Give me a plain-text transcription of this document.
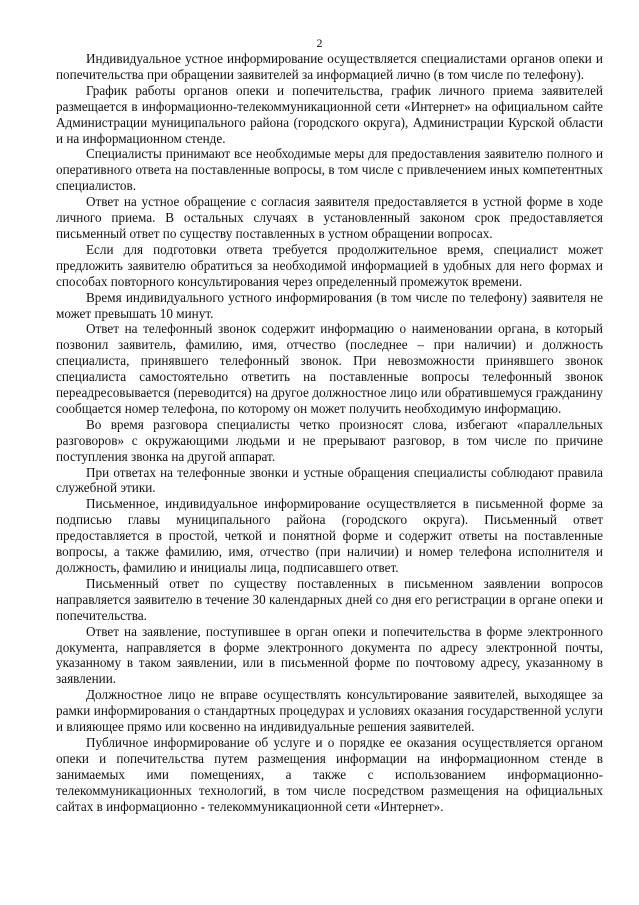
2

Индивидуальное устное информирование осуществляется специалистами органов опеки и попечительства при обращении заявителей за информацией лично (в том числе по телефону).

График работы органов опеки и попечительства, график личного приема заявителей размещается в информационно-телекоммуникационной сети «Интернет» на официальном сайте Администрации муниципального района (городского округа), Администрации Курской области и на информационном стенде.

Специалисты принимают все необходимые меры для предоставления заявителю полного и оперативного ответа на поставленные вопросы, в том числе с привлечением иных компетентных специалистов.

Ответ на устное обращение с согласия заявителя предоставляется в устной форме в ходе личного приема. В остальных случаях в установленный законом срок предоставляется письменный ответ по существу поставленных в устном обращении вопросах.

Если для подготовки ответа требуется продолжительное время, специалист может предложить заявителю обратиться за необходимой информацией в удобных для него формах и способах повторного консультирования через определенный промежуток времени.

Время индивидуального устного информирования (в том числе по телефону) заявителя не может превышать 10 минут.

Ответ на телефонный звонок содержит информацию о наименовании органа, в который позвонил заявитель, фамилию, имя, отчество (последнее – при наличии) и должность специалиста, принявшего телефонный звонок. При невозможности принявшего звонок специалиста самостоятельно ответить на поставленные вопросы телефонный звонок переадресовывается (переводится) на другое должностное лицо или обратившемуся гражданину сообщается номер телефона, по которому он может получить необходимую информацию.

Во время разговора специалисты четко произносят слова, избегают «параллельных разговоров» с окружающими людьми и не прерывают разговор, в том числе по причине поступления звонка на другой аппарат.

При ответах на телефонные звонки и устные обращения специалисты соблюдают правила служебной этики.

Письменное, индивидуальное информирование осуществляется в письменной форме за подписью главы муниципального района (городского округа). Письменный ответ предоставляется в простой, четкой и понятной форме и содержит ответы на поставленные вопросы, а также фамилию, имя, отчество (при наличии) и номер телефона исполнителя и должность, фамилию и инициалы лица, подписавшего ответ.

Письменный ответ по существу поставленных в письменном заявлении вопросов направляется заявителю в течение 30 календарных дней со дня его регистрации в органе опеки и попечительства.

Ответ на заявление, поступившее в орган опеки и попечительства в форме электронного документа, направляется в форме электронного документа по адресу электронной почты, указанному в таком заявлении, или в письменной форме по почтовому адресу, указанному в заявлении.

Должностное лицо не вправе осуществлять консультирование заявителей, выходящее за рамки информирования о стандартных процедурах и условиях оказания государственной услуги и влияющее прямо или косвенно на индивидуальные решения заявителей.

Публичное информирование об услуге и о порядке ее оказания осуществляется органом опеки и попечительства путем размещения информации на информационном стенде в занимаемых ими помещениях, а также с использованием информационно-телекоммуникационных технологий, в том числе посредством размещения на официальных сайтах в информационно - телекоммуникационной сети «Интернет».
